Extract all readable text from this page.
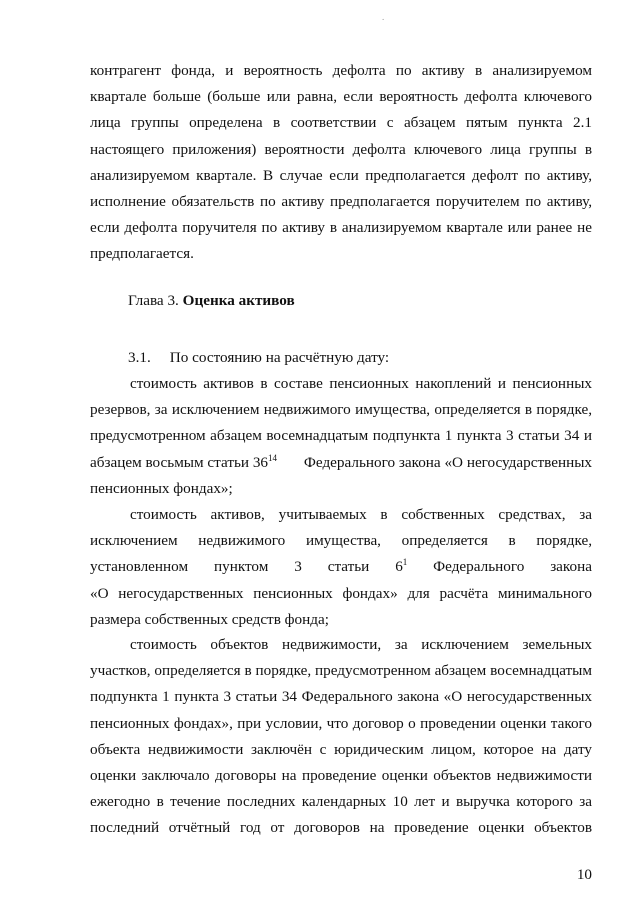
.
контрагент фонда, и вероятность дефолта по активу в анализируемом
квартале больше (больше или равна, если вероятность дефолта ключевого
лица группы определена в соответствии с абзацем пятым пункта 2.1
настоящего приложения) вероятности дефолта ключевого лица группы в
анализируемом квартале. В случае если предполагается дефолт по активу,
исполнение обязательств по активу предполагается поручителем по активу,
если дефолта поручителя по активу в анализируемом квартале или ранее не
предполагается.
Глава 3. Оценка активов
3.1. По состоянию на расчётную дату:
стоимость активов в составе пенсионных накоплений и пенсионных
резервов, за исключением недвижимого имущества, определяется в порядке,
предусмотренном абзацем восемнадцатым подпункта 1 пункта 3 статьи 34 и
абзацем восьмым статьи $36^{14}$ Федерального закона «О негосударственных
пенсионных фондах»;
стоимость активов, учитываемых в собственных средствах, за
исключением недвижимого имущества, определяется в порядке,
установленном пунктом 3 статьи $6^1$ Федерального закона
«О негосударственных пенсионных фондах» для расчёта минимального
размера собственных средств фонда;
стоимость объектов недвижимости, за исключением земельных
участков, определяется в порядке, предусмотренном абзацем восемнадцатым
подпункта 1 пункта 3 статьи 34 Федерального закона «О негосударственных
пенсионных фондах», при условии, что договор о проведении оценки такого
объекта недвижимости заключён с юридическим лицом, которое на дату
оценки заключало договоры на проведение оценки объектов недвижимости
ежегодно в течение последних календарных 10 лет и выручка которого за
последний отчётный год от договоров на проведение оценки объектов
10
